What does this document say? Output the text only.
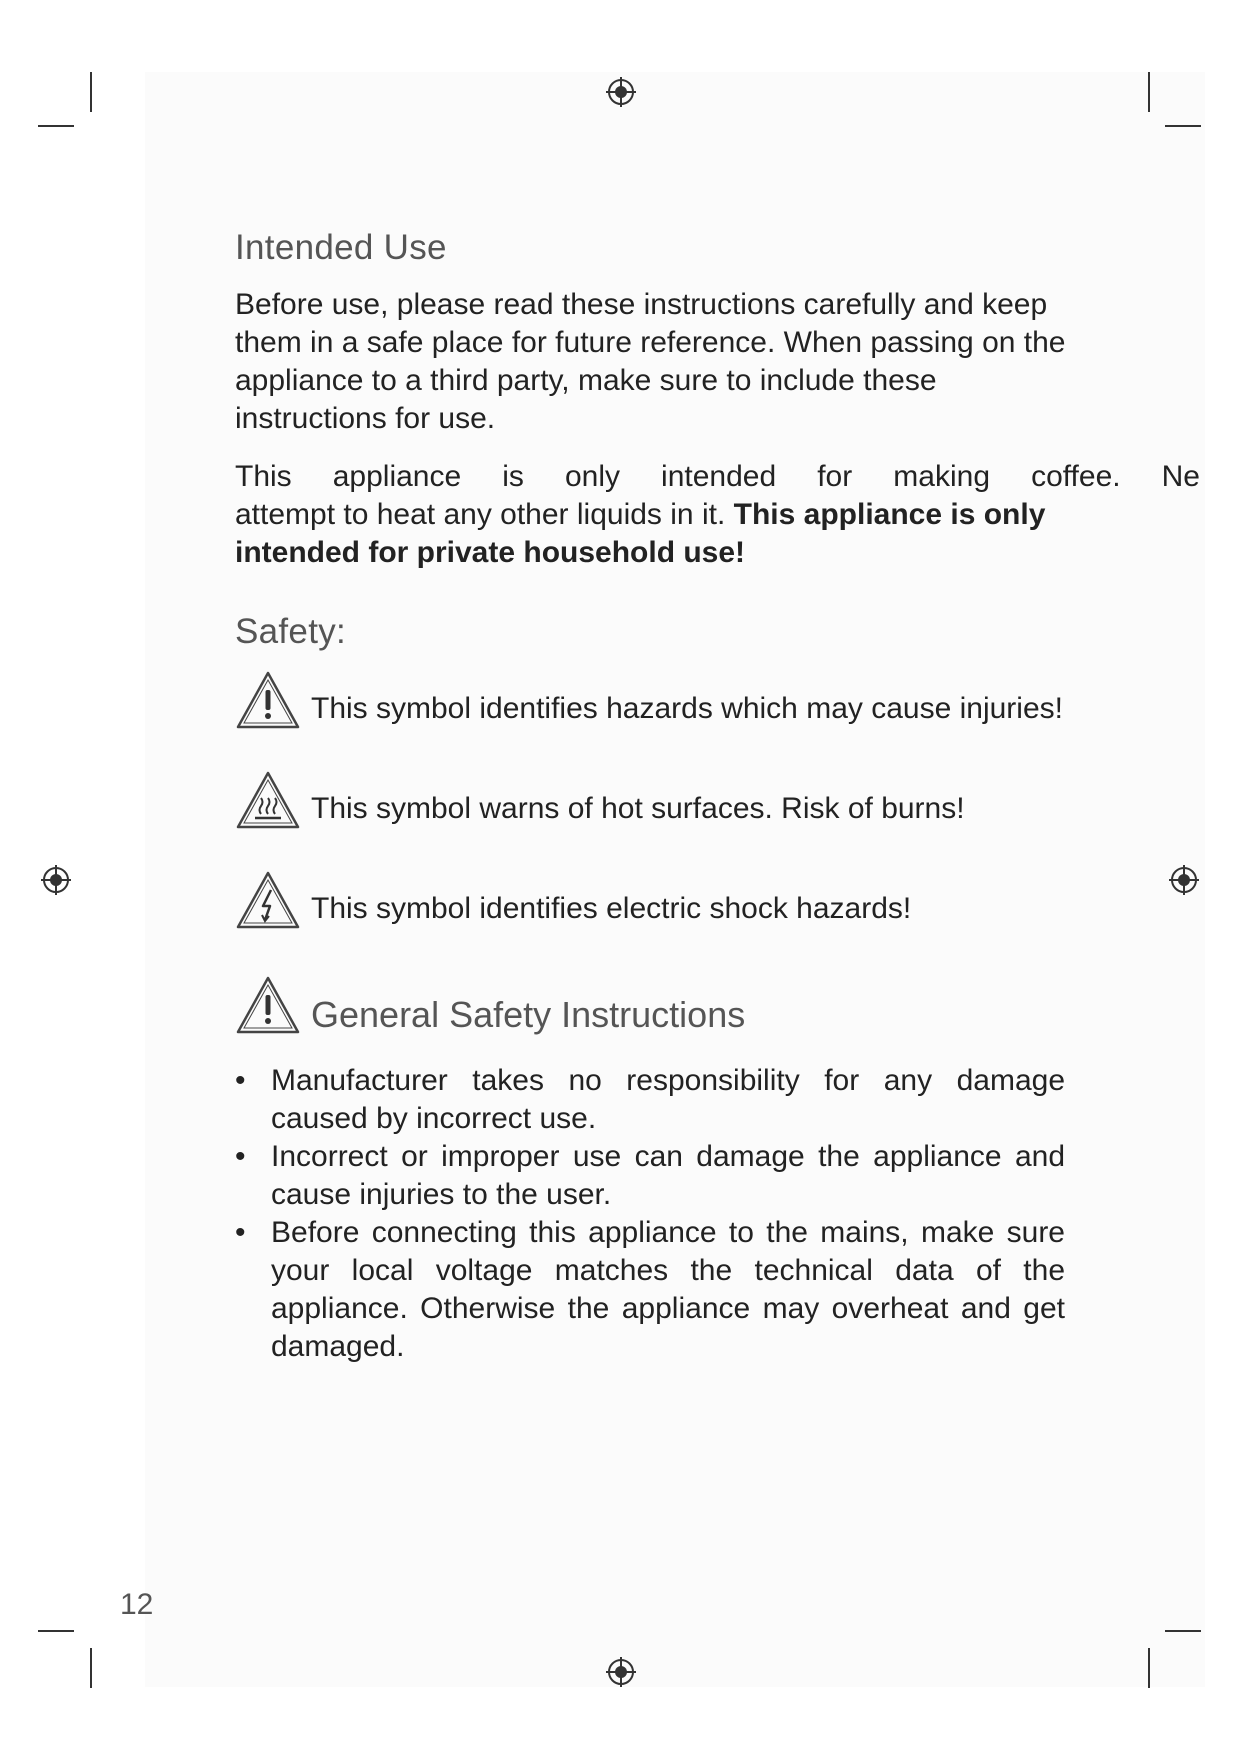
Intended Use

Before use, please read these instructions carefully and keep them in a safe place for future reference. When passing on the appliance to a third party, make sure to include these instructions for use.

This appliance is only intended for making coffee. Ne

attempt to heat any other liquids in it. This appliance is only intended for private household use!

Safety:
This symbol identifies hazards which may cause injuries!
This symbol warns of hot surfaces. Risk of burns!
This symbol identifies electric shock hazards!
General Safety Instructions
• Manufacturer takes no responsibility for any damage caused by incorrect use.
• Incorrect or improper use can damage the appliance and cause injuries to the user.
• Before connecting this appliance to the mains, make sure your local voltage matches the technical data of the appliance. Otherwise the appliance may overheat and get damaged.
12
